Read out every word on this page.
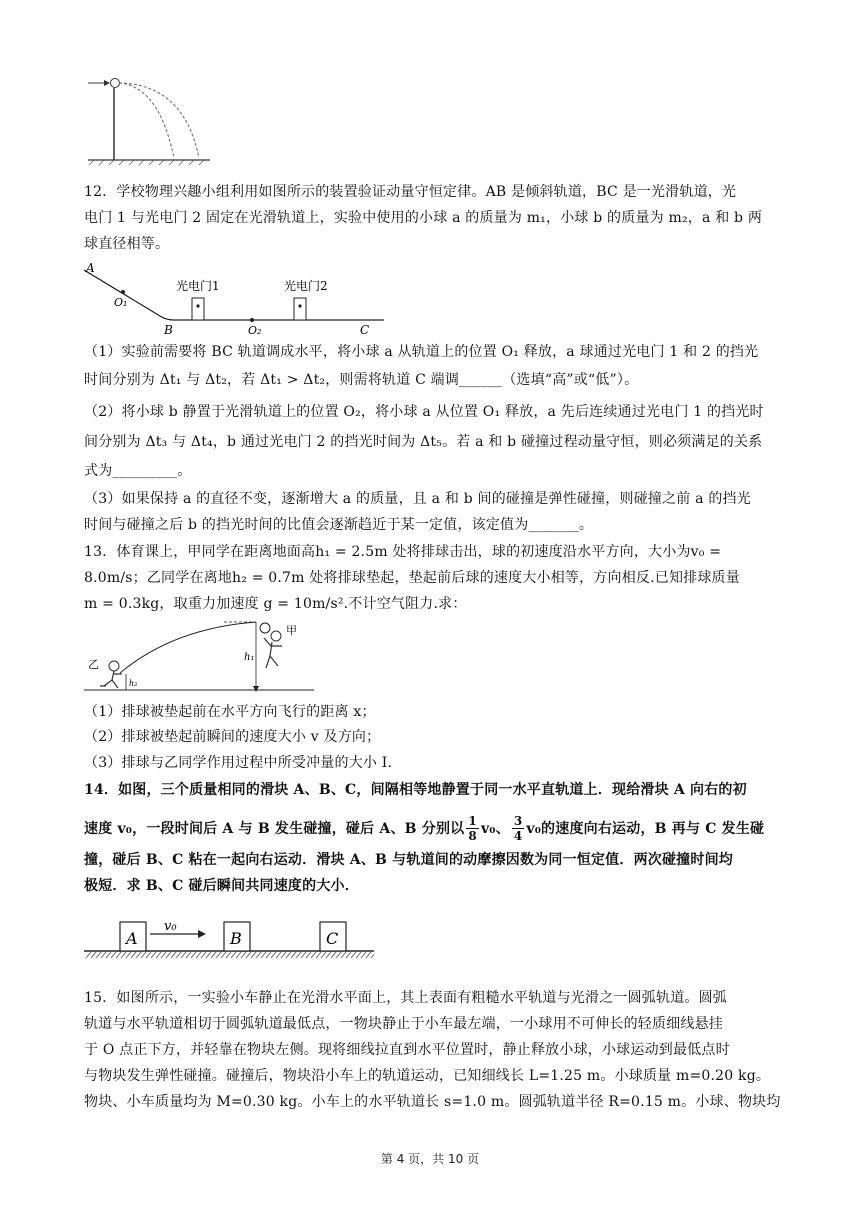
12．学校物理兴趣小组利用如图所示的装置验证动量守恒定律。AB 是倾斜轨道，BC 是一光滑轨道，光
电门 1 与光电门 2 固定在光滑轨道上，实验中使用的小球 a 的质量为 m₁，小球 b 的质量为 m₂，a 和 b 两
球直径相等。
A
O₁
B
光电门1
O₂
光电门2
C
（1）实验前需要将 BC 轨道调成水平，将小球 a 从轨道上的位置 O₁ 释放，a 球通过光电门 1 和 2 的挡光
时间分别为 Δt₁ 与 Δt₂，若 Δt₁ > Δt₂，则需将轨道 C 端调______（选填“高”或“低”）。
（2）将小球 b 静置于光滑轨道上的位置 O₂，将小球 a 从位置 O₁ 释放，a 先后连续通过光电门 1 的挡光时
间分别为 Δt₃ 与 Δt₄，b 通过光电门 2 的挡光时间为 Δt₅。若 a 和 b 碰撞过程动量守恒，则必须满足的关系
式为_________。
（3）如果保持 a 的直径不变，逐渐增大 a 的质量，且 a 和 b 间的碰撞是弹性碰撞，则碰撞之前 a 的挡光
时间与碰撞之后 b 的挡光时间的比值会逐渐趋近于某一定值，该定值为_______。
13．体育课上，甲同学在距离地面高h₁ = 2.5m 处将排球击出，球的初速度沿水平方向，大小为v₀ =
8.0m/s；乙同学在离地h₂ = 0.7m 处将排球垫起，垫起前后球的速度大小相等，方向相反.已知排球质量
m = 0.3kg，取重力加速度 g = 10m/s².不计空气阻力.求：
h₁
甲
乙
h₂
（1）排球被垫起前在水平方向飞行的距离 x；
（2）排球被垫起前瞬间的速度大小 v 及方向；
（3）排球与乙同学作用过程中所受冲量的大小 I.
14．如图，三个质量相同的滑块 A、B、C，间隔相等地静置于同一水平直轨道上．现给滑块 A 向右的初
速度 v₀，一段时间后 A 与 B 发生碰撞，碰后 A、B 分别以 $\frac{1}{8} v_0$、 $\frac{3}{4} v_0$的速度向右运动，B 再与 C 发生碰
撞，碰后 B、C 粘在一起向右运动．滑块 A、B 与轨道间的动摩擦因数为同一恒定值．两次碰撞时间均
极短．求 B、C 碰后瞬间共同速度的大小．
A
v₀
B	C
15．如图所示，一实验小车静止在光滑水平面上，其上表面有粗糙水平轨道与光滑之一圆弧轨道。圆弧
轨道与水平轨道相切于圆弧轨道最低点，一物块静止于小车最左端，一小球用不可伸长的轻质细线悬挂
于 O 点正下方，并轻靠在物块左侧。现将细线拉直到水平位置时，静止释放小球，小球运动到最低点时
与物块发生弹性碰撞。碰撞后，物块沿小车上的轨道运动，已知细线长 L=1.25 m。小球质量 m=0.20 kg。
物块、小车质量均为 M=0.30 kg。小车上的水平轨道长 s=1.0 m。圆弧轨道半径 R=0.15 m。小球、物块均
第 4 页，共 10 页
